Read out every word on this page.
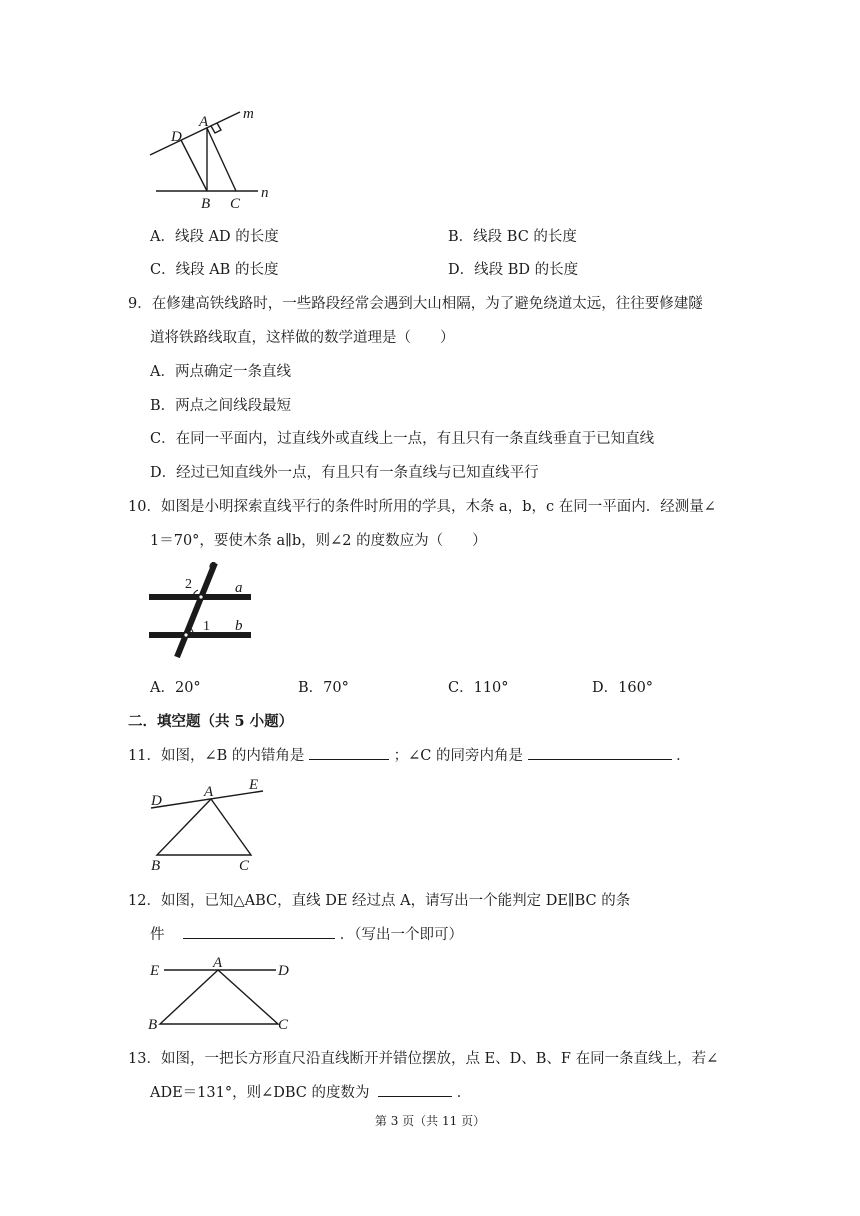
m
n
A
D
B C
A．线段 AD 的长度	B．线段 BC 的长度
C．线段 AB 的长度	D．线段 BD 的长度
9．在修建高铁线路时，一些路段经常会遇到大山相隔，为了避免绕道太远，往往要修建隧
道将铁路线取直，这样做的数学道理是（　　）
A．两点确定一条直线
B．两点之间线段最短
C．在同一平面内，过直线外或直线上一点，有且只有一条直线垂直于已知直线
D．经过已知直线外一点，有且只有一条直线与已知直线平行
10．如图是小明探索直线平行的条件时所用的学具，木条 a，b，c 在同一平面内．经测量∠
1＝70°，要使木条 a∥b，则∠2 的度数应为（　　）
c
a
b
1
2
A．20°	B．70°	C．110°	D．160°
二．填空题（共 5 小题）
11．如图，∠B 的内错角是	；∠C 的同旁内角是	．
D
E
A
B	C
12．如图，已知△ABC，直线 DE 经过点 A，请写出一个能判定 DE∥BC 的条
件	．（写出一个即可）
E	D
A
B	C
13．如图，一把长方形直尺沿直线断开并错位摆放，点 E、D、B、F 在同一条直线上，若∠
ADE＝131°，则∠DBC 的度数为	．
第 3 页（共 11 页）
